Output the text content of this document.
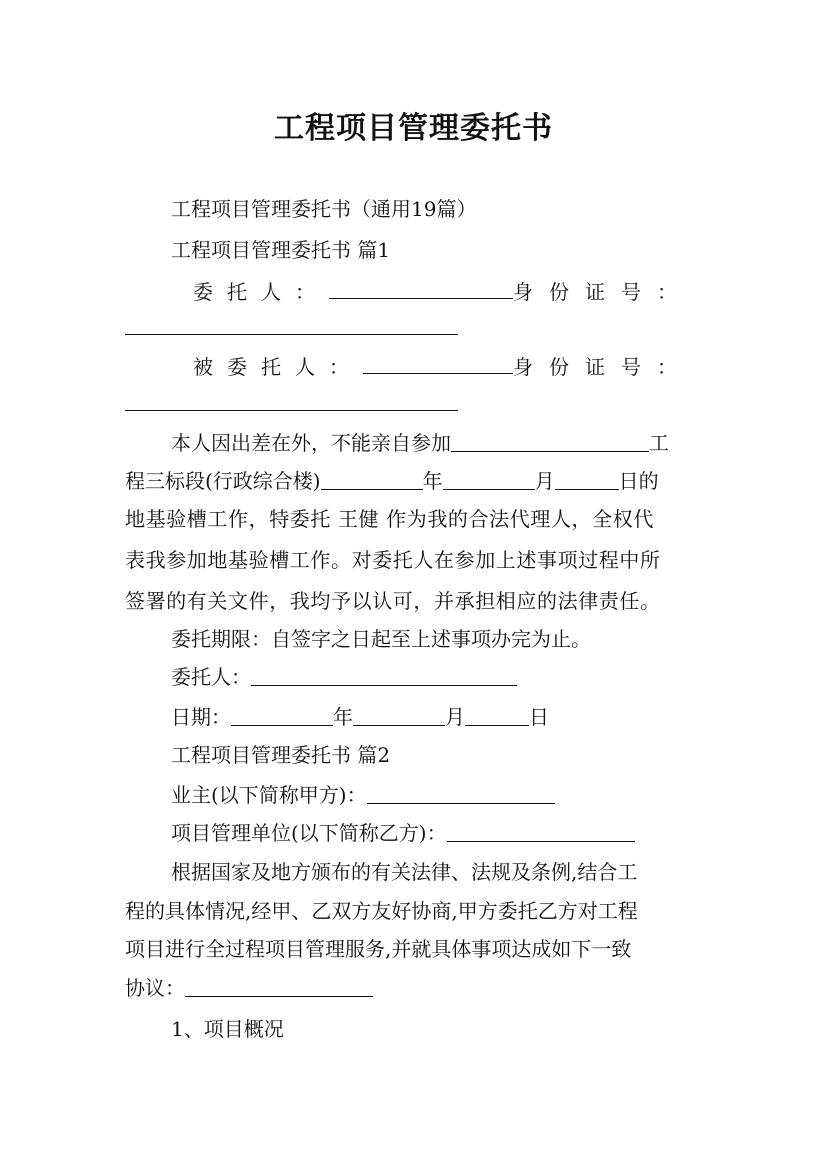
工程项目管理委托书

工程项目管理委托书（通用19篇）

工程项目管理委托书 篇1

委托人：	身份证号：
被委托人：	身份证号：
本人因出差在外，不能亲自参加	工
程三标段(行政综合楼)	年	月	日的

地基验槽工作，特委托 王健 作为我的合法代理人，全权代

表我参加地基验槽工作。对委托人在参加上述事项过程中所

签署的有关文件，我均予以认可，并承担相应的法律责任。

委托期限：自签字之日起至上述事项办完为止。

委托人：
日期：	年	月	日

工程项目管理委托书 篇2

业主(以下简称甲方)：
项目管理单位(以下简称乙方)：

根据国家及地方颁布的有关法律、法规及条例,结合工

程的具体情况,经甲、乙双方友好协商,甲方委托乙方对工程

项目进行全过程项目管理服务,并就具体事项达成如下一致

协议：

1、项目概况
